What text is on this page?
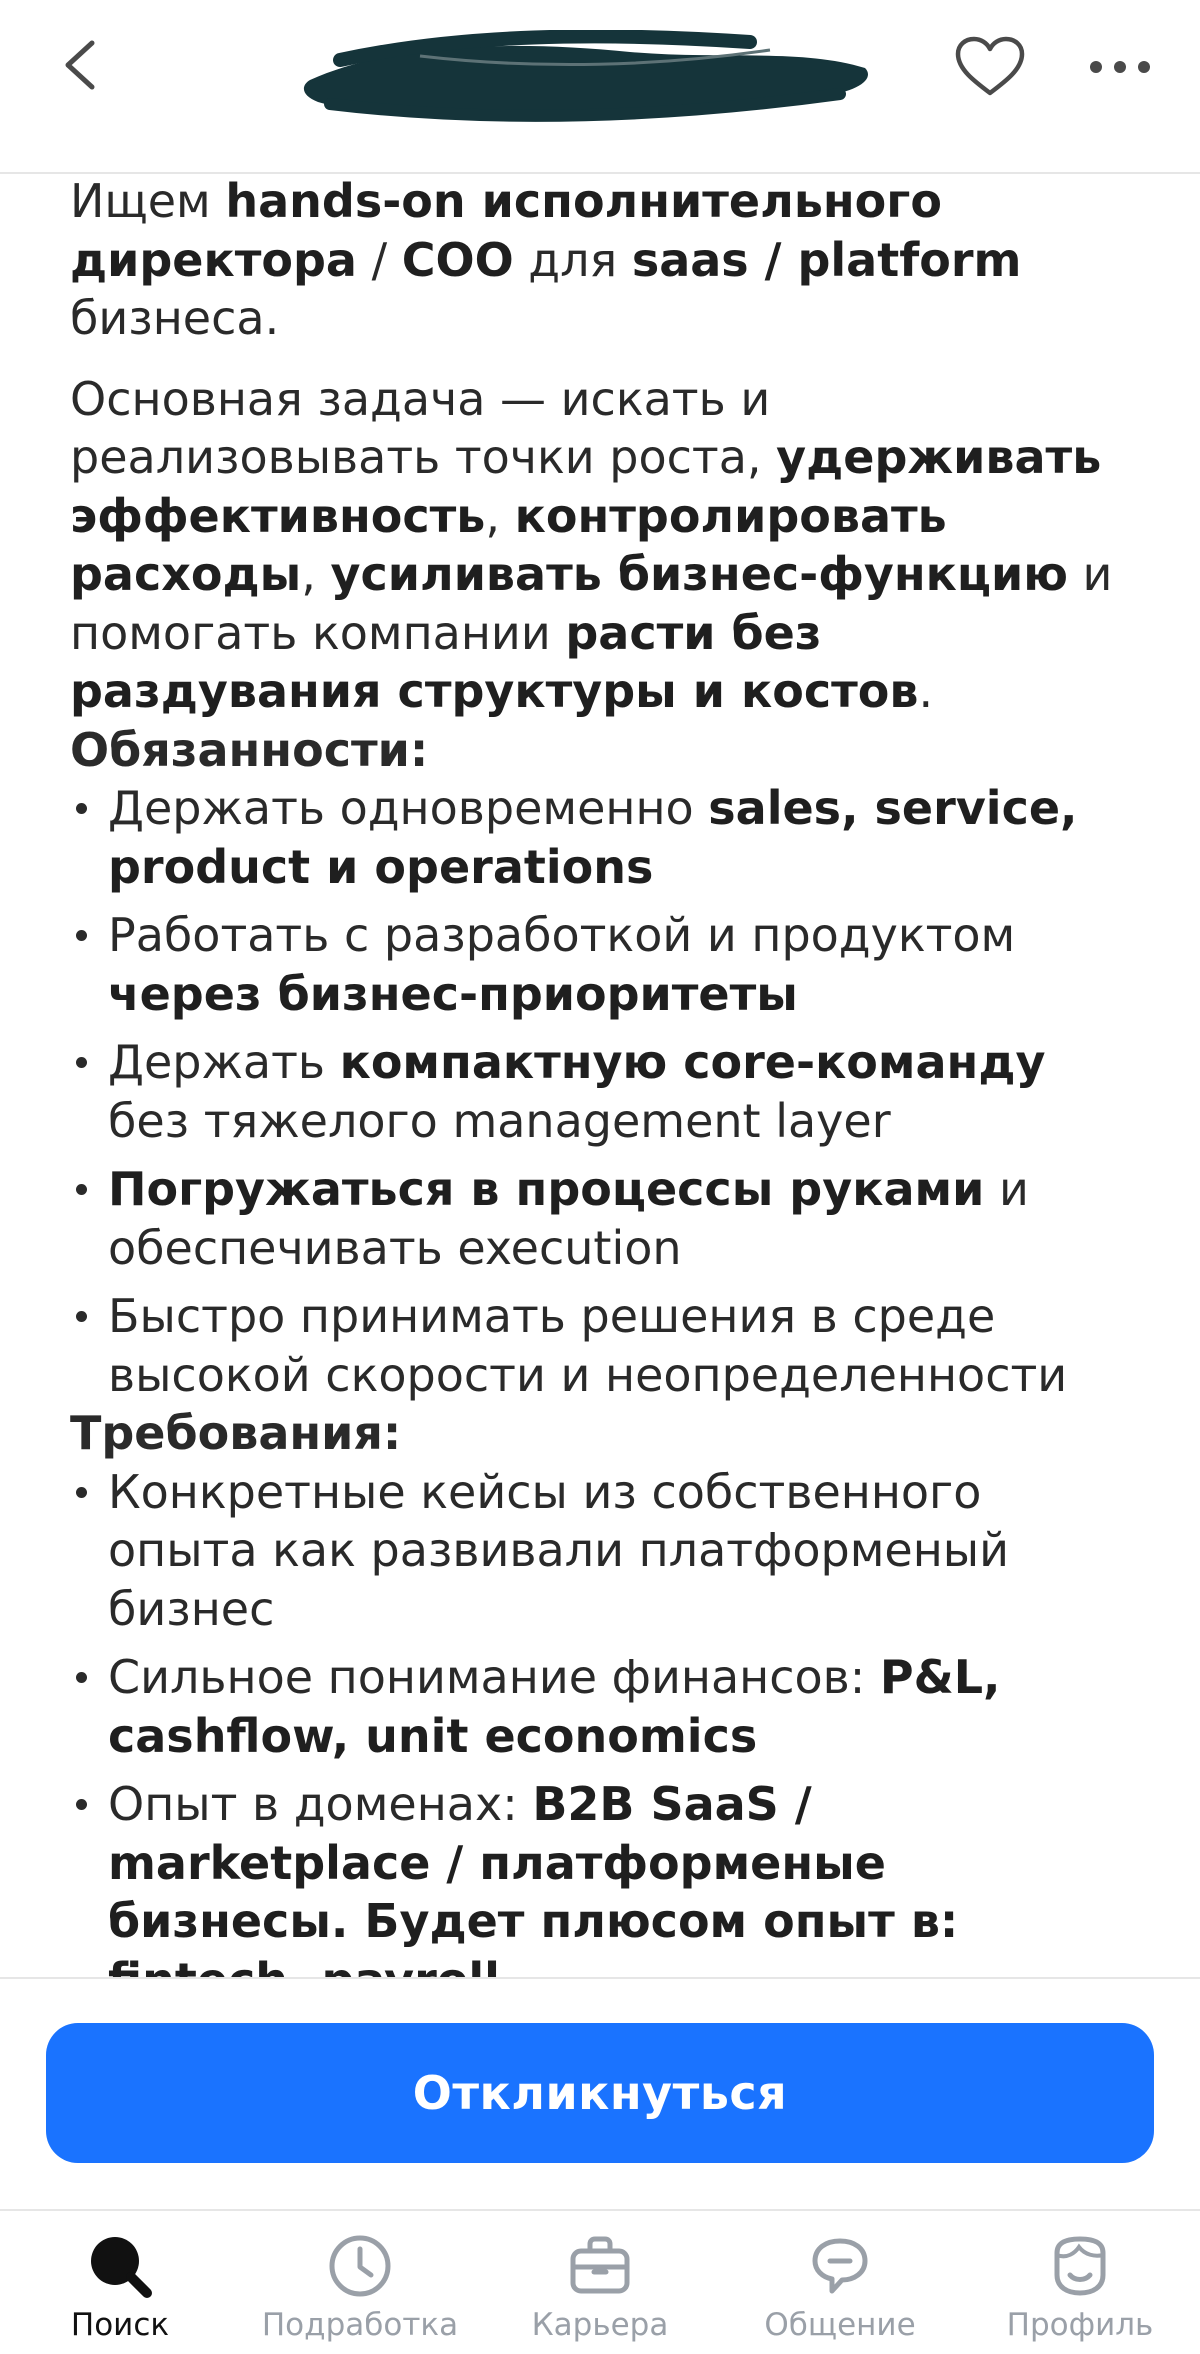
Ищем hands-on исполнительного директора / COO для saas / platform бизнеса.

Основная задача — искать и реализовывать точки роста, удерживать эффективность, контролировать расходы, усиливать бизнес-функцию и помогать компании расти без раздувания структуры и костов.

Обязанности:

Держать одновременно sales, service, product и operations
Работать с разработкой и продуктом через бизнес-приоритеты
Держать компактную core-команду без тяжелого management layer
Погружаться в процессы руками и обеспечивать execution
Быстро принимать решения в среде высокой скорости и неопределенности

Требования:

Конкретные кейсы из собственного опыта как развивали платформеный бизнес
Сильное понимание финансов: P&L, cashflow, unit economics
Опыт в доменах: B2B SaaS / marketplace / платформеные бизнесы. Будет плюсом опыт в:
Откликнуться
Поиск	Подработка Карьера	Общение	Профиль
